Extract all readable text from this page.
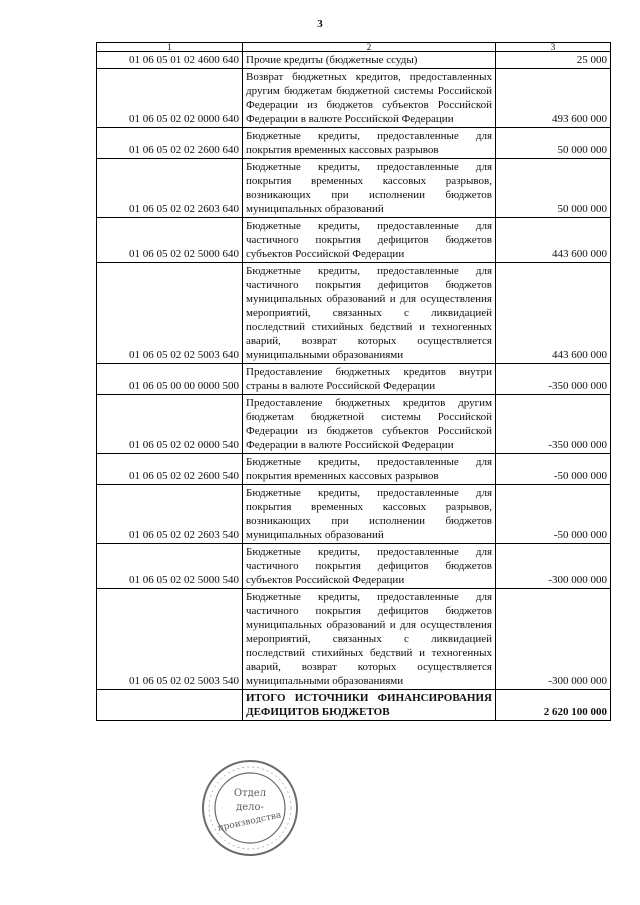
3
1	2	3
01 06 05 01 02 4600 640	Прочие кредиты (бюджетные ссуды)	25 000
01 06 05 02 02 0000 640	Возврат бюджетных кредитов, предоставленных другим бюджетам бюджетной системы Российской Федерации из бюджетов субъектов Российской Федерации в валюте Российской Федерации	493 600 000
01 06 05 02 02 2600 640	Бюджетные кредиты, предоставленные для покрытия временных кассовых разрывов	50 000 000
01 06 05 02 02 2603 640	Бюджетные кредиты, предоставленные для покрытия временных кассовых разрывов, возникающих при исполнении бюджетов муниципальных образований	50 000 000
01 06 05 02 02 5000 640	Бюджетные кредиты, предоставленные для частичного покрытия дефицитов бюджетов субъектов Российской Федерации	443 600 000
01 06 05 02 02 5003 640	Бюджетные кредиты, предоставленные для частичного покрытия дефицитов бюджетов муниципальных образований и для осуществления мероприятий, связанных с ликвидацией последствий стихийных бедствий и техногенных аварий, возврат которых осуществляется муниципальными образованиями	443 600 000
01 06 05 00 00 0000 500	Предоставление бюджетных кредитов внутри страны в валюте Российской Федерации	-350 000 000
01 06 05 02 02 0000 540	Предоставление бюджетных кредитов другим бюджетам бюджетной системы Российской Федерации из бюджетов субъектов Российской Федерации в валюте Российской Федерации	-350 000 000
01 06 05 02 02 2600 540	Бюджетные кредиты, предоставленные для покрытия временных кассовых разрывов	-50 000 000
01 06 05 02 02 2603 540	Бюджетные кредиты, предоставленные для покрытия временных кассовых разрывов, возникающих при исполнении бюджетов муниципальных образований	-50 000 000
01 06 05 02 02 5000 540	Бюджетные кредиты, предоставленные для частичного покрытия дефицитов бюджетов субъектов Российской Федерации	-300 000 000
01 06 05 02 02 5003 540	Бюджетные кредиты, предоставленные для частичного покрытия дефицитов бюджетов муниципальных образований и для осуществления мероприятий, связанных с ликвидацией последствий стихийных бедствий и техногенных аварий, возврат которых осуществляется муниципальными образованиями	-300 000 000
	ИТОГО ИСТОЧНИКИ ФИНАНСИРОВАНИЯ ДЕФИЦИТОВ БЮДЖЕТОВ	2 620 100 000
Отдел
дело-
производства
